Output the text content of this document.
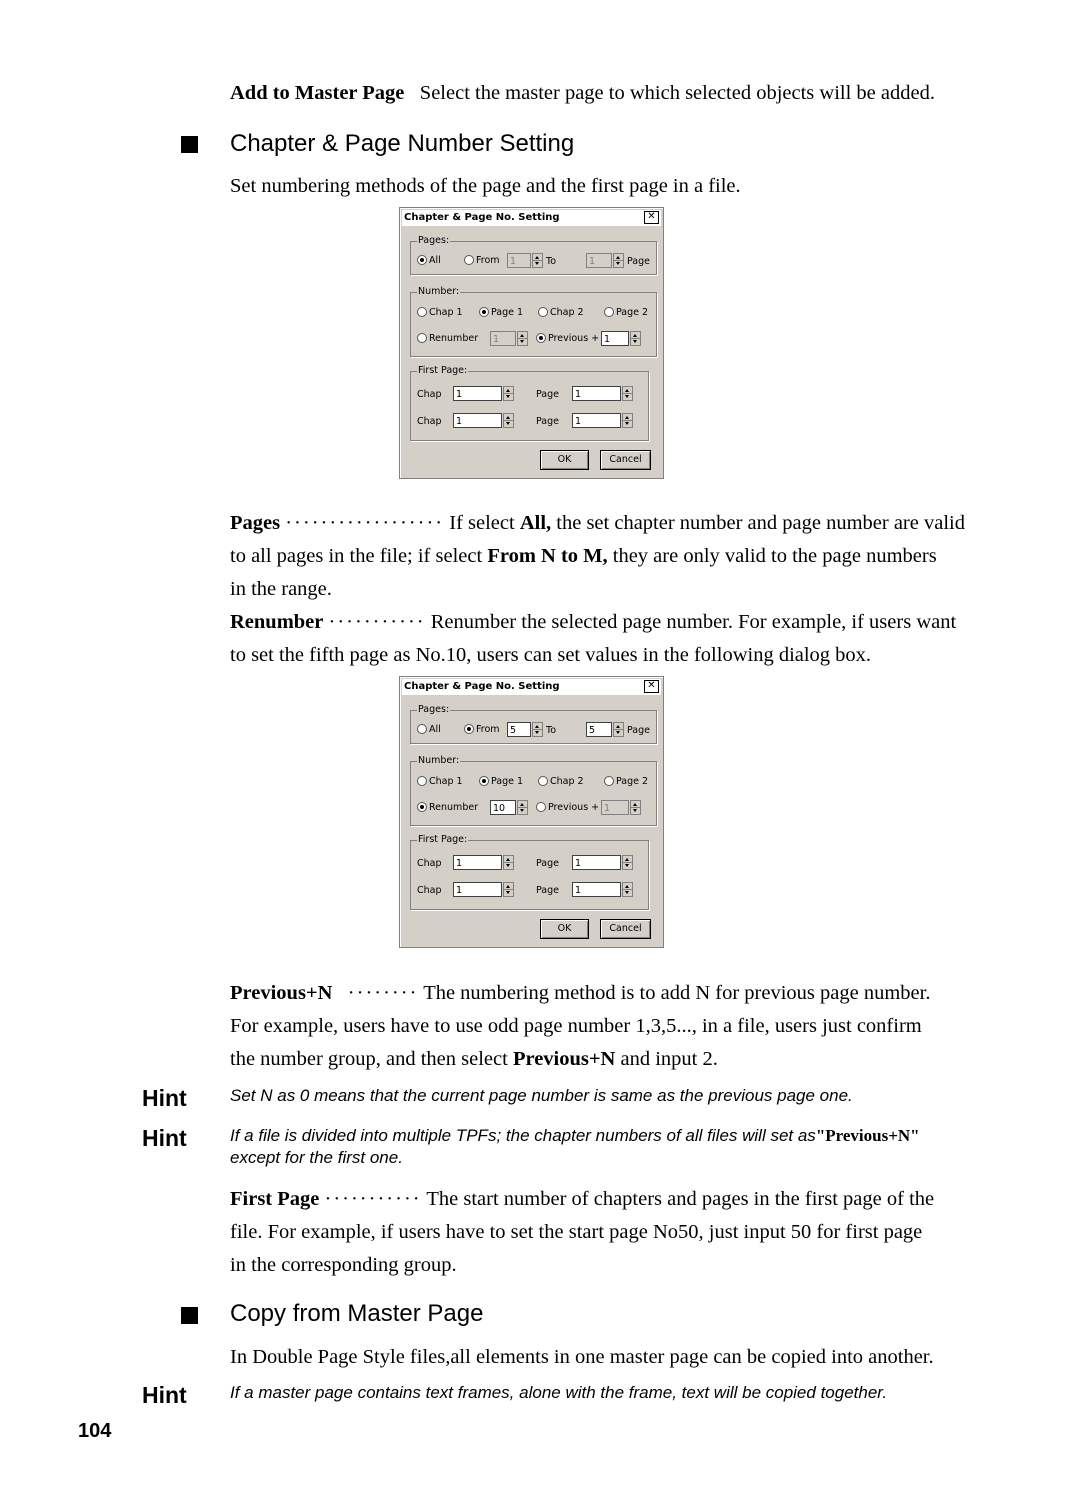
Add to Master Page Select the master page to which selected objects will be added.
Chapter & Page Number Setting
Set numbering methods of the page and the first page in a file.
Chapter & Page No. Setting	✕
Pages:
All	From	1	To	1	Page
Number:
Chap 1	Page 1	Chap 2	Page 2
Renumber	1	Previous + 1
First Page:
Chap	1	Page	1
Chap	1	Page	1
OK	Cancel
Pages ·················· If select All, the set chapter number and page number are valid
to all pages in the file; if select From N to M, they are only valid to the page numbers
in the range.
Renumber ··········· Renumber the selected page number. For example, if users want
to set the fifth page as No.10, users can set values in the following dialog box.
Chapter & Page No. Setting	✕
Pages:
All	From	5	To	5	Page
Number:
Chap 1	Page 1	Chap 2	Page 2
Renumber	10	Previous + 1
First Page:
Chap	1	Page	1
Chap	1	Page	1
OK	Cancel
Previous+N ········ The numbering method is to add N for previous page number.
For example, users have to use odd page number 1,3,5..., in a file, users just confirm
the number group, and then select Previous+N and input 2.
Hint	Set N as 0 means that the current page number is same as the previous page one.
Hint	If a file is divided into multiple TPFs; the chapter numbers of all files will set as"Previous+N"
except for the first one.
First Page ··········· The start number of chapters and pages in the first page of the
file. For example, if users have to set the start page No50, just input 50 for first page
in the corresponding group.
Copy from Master Page
In Double Page Style files,all elements in one master page can be copied into another.
Hint	If a master page contains text frames, alone with the frame, text will be copied together.
104
